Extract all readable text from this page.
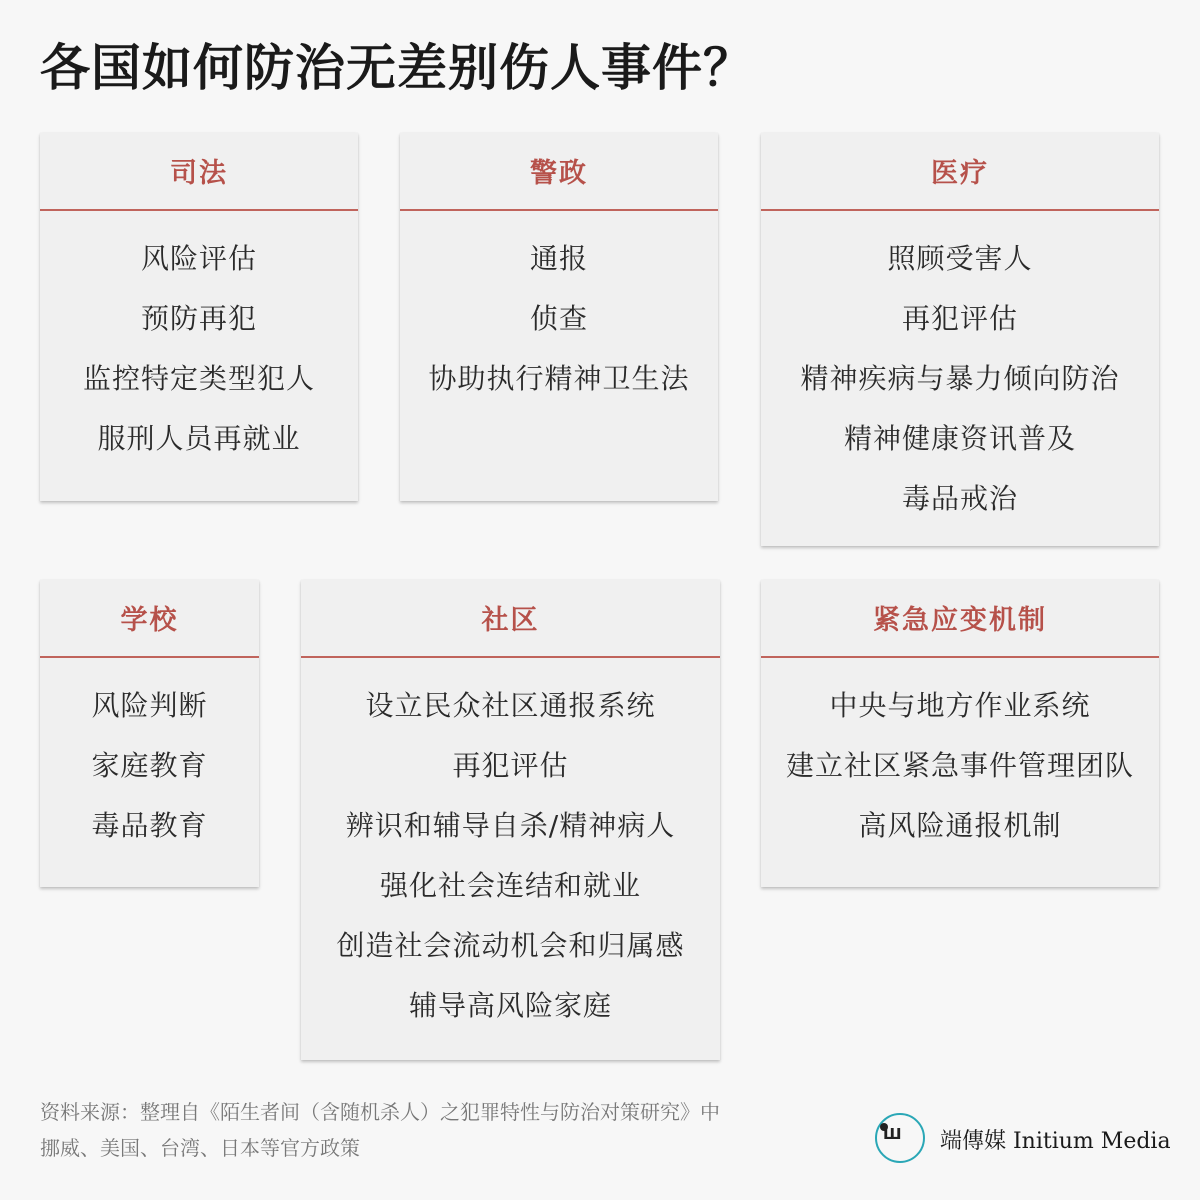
各国如何防治无差别伤人事件？
司法
风险评估
预防再犯
监控特定类型犯人
服刑人员再就业
警政
通报
侦查
协助执行精神卫生法
医疗
照顾受害人
再犯评估
精神疾病与暴力倾向防治
精神健康资讯普及
毒品戒治
学校
风险判断
家庭教育
毒品教育
社区
设立民众社区通报系统
再犯评估
辨识和辅导自杀/精神病人
强化社会连结和就业
创造社会流动机会和归属感
辅导高风险家庭
紧急应变机制
中央与地方作业系统
建立社区紧急事件管理团队
高风险通报机制
资料来源：整理自《陌生者间（含随机杀人）之犯罪特性与防治对策研究》中
挪威、美国、台湾、日本等官方政策
Ш 端傳媒 Initium Media
